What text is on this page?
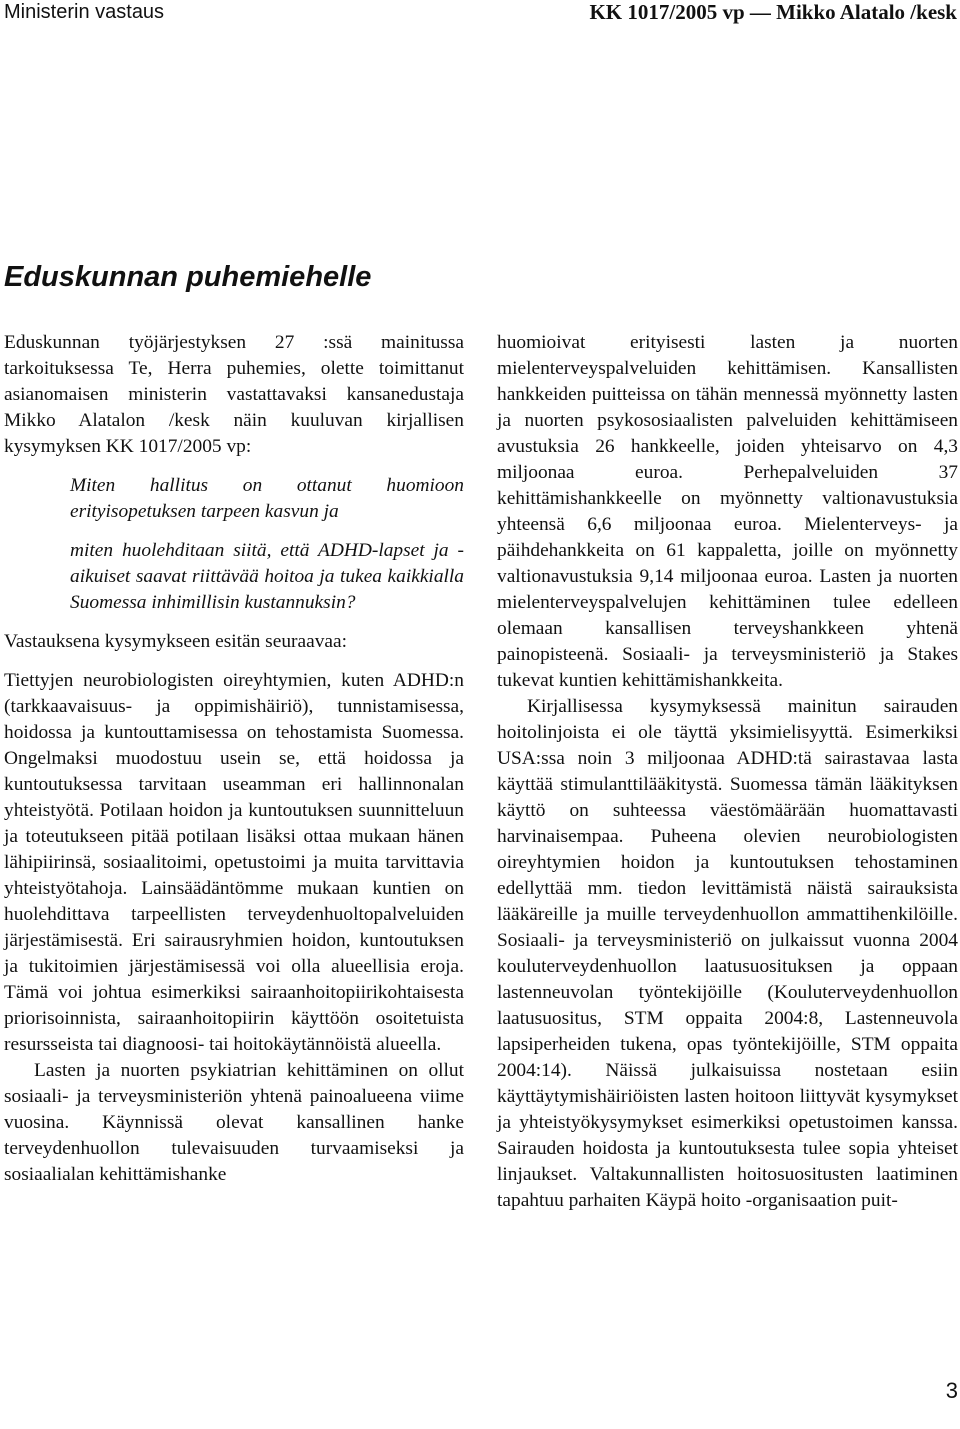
Ministerin vastaus	KK 1017/2005 vp — Mikko Alatalo /kesk
Eduskunnan puhemiehelle

Eduskunnan työjärjestyksen 27 :ssä mainitussa tarkoituksessa Te, Herra puhemies, olette toimittanut asianomaisen ministerin vastattavaksi kansanedustaja Mikko Alatalon /kesk näin kuuluvan kirjallisen kysymyksen KK 1017/2005 vp:

Miten hallitus on ottanut huomioon erityisopetuksen tarpeen kasvun ja

miten huolehditaan siitä, että ADHD-lapset ja -aikuiset saavat riittävää hoitoa ja tukea kaikkialla Suomessa inhimillisin kustannuksin?

Vastauksena kysymykseen esitän seuraavaa:

Tiettyjen neurobiologisten oireyhtymien, kuten ADHD:n (tarkkaavaisuus- ja oppimishäiriö), tunnistamisessa, hoidossa ja kuntouttamisessa on tehostamista Suomessa. Ongelmaksi muodostuu usein se, että hoidossa ja kuntoutuksessa tarvitaan useamman eri hallinnonalan yhteistyötä. Potilaan hoidon ja kuntoutuksen suunnitteluun ja toteutukseen pitää potilaan lisäksi ottaa mukaan hänen lähipiirinsä, sosiaalitoimi, opetustoimi ja muita tarvittavia yhteistyötahoja. Lainsäädäntömme mukaan kuntien on huolehdittava tarpeellisten terveydenhuoltopalveluiden järjestämisestä. Eri sairausryhmien hoidon, kuntoutuksen ja tukitoimien järjestämisessä voi olla alueellisia eroja. Tämä voi johtua esimerkiksi sairaanhoitopiirikohtaisesta priorisoinnista, sairaanhoitopiirin käyttöön osoitetuista resursseista tai diagnoosi- tai hoitokäytännöistä alueella.

Lasten ja nuorten psykiatrian kehittäminen on ollut sosiaali- ja terveysministeriön yhtenä painoalueena viime vuosina. Käynnissä olevat kansallinen hanke terveydenhuollon tulevaisuuden turvaamiseksi ja sosiaalialan kehittämishanke

huomioivat erityisesti lasten ja nuorten mielenterveyspalveluiden kehittämisen. Kansallisten hankkeiden puitteissa on tähän mennessä myönnetty lasten ja nuorten psykososiaalisten palveluiden kehittämiseen avustuksia 26 hankkeelle, joiden yhteisarvo on 4,3 miljoonaa euroa. Perhepalveluiden 37 kehittämishankkeelle on myönnetty valtionavustuksia yhteensä 6,6 miljoonaa euroa. Mielenterveys- ja päihdehankkeita on 61 kappaletta, joille on myönnetty valtionavustuksia 9,14 miljoonaa euroa. Lasten ja nuorten mielenterveyspalvelujen kehittäminen tulee edelleen olemaan kansallisen terveyshankkeen yhtenä painopisteenä. Sosiaali- ja terveysministeriö ja Stakes tukevat kuntien kehittämishankkeita.

Kirjallisessa kysymyksessä mainitun sairauden hoitolinjoista ei ole täyttä yksimielisyyttä. Esimerkiksi USA:ssa noin 3 miljoonaa ADHD:tä sairastavaa lasta käyttää stimulanttilääkitystä. Suomessa tämän lääkityksen käyttö on suhteessa väestömäärään huomattavasti harvinaisempaa. Puheena olevien neurobiologisten oireyhtymien hoidon ja kuntoutuksen tehostaminen edellyttää mm. tiedon levittämistä näistä sairauksista lääkäreille ja muille terveydenhuollon ammattihenkilöille. Sosiaali- ja terveysministeriö on julkaissut vuonna 2004 kouluterveydenhuollon laatusuosituksen ja oppaan lastenneuvolan työntekijöille (Kouluterveydenhuollon laatusuositus, STM oppaita 2004:8, Lastenneuvola lapsiperheiden tukena, opas työntekijöille, STM oppaita 2004:14). Näissä julkaisuissa nostetaan esiin käyttäytymishäiriöisten lasten hoitoon liittyvät kysymykset ja yhteistyökysymykset esimerkiksi opetustoimen kanssa. Sairauden hoidosta ja kuntoutuksesta tulee sopia yhteiset linjaukset. Valtakunnallisten hoitosuositusten laatiminen tapahtuu parhaiten Käypä hoito -organisaation puit-

3
